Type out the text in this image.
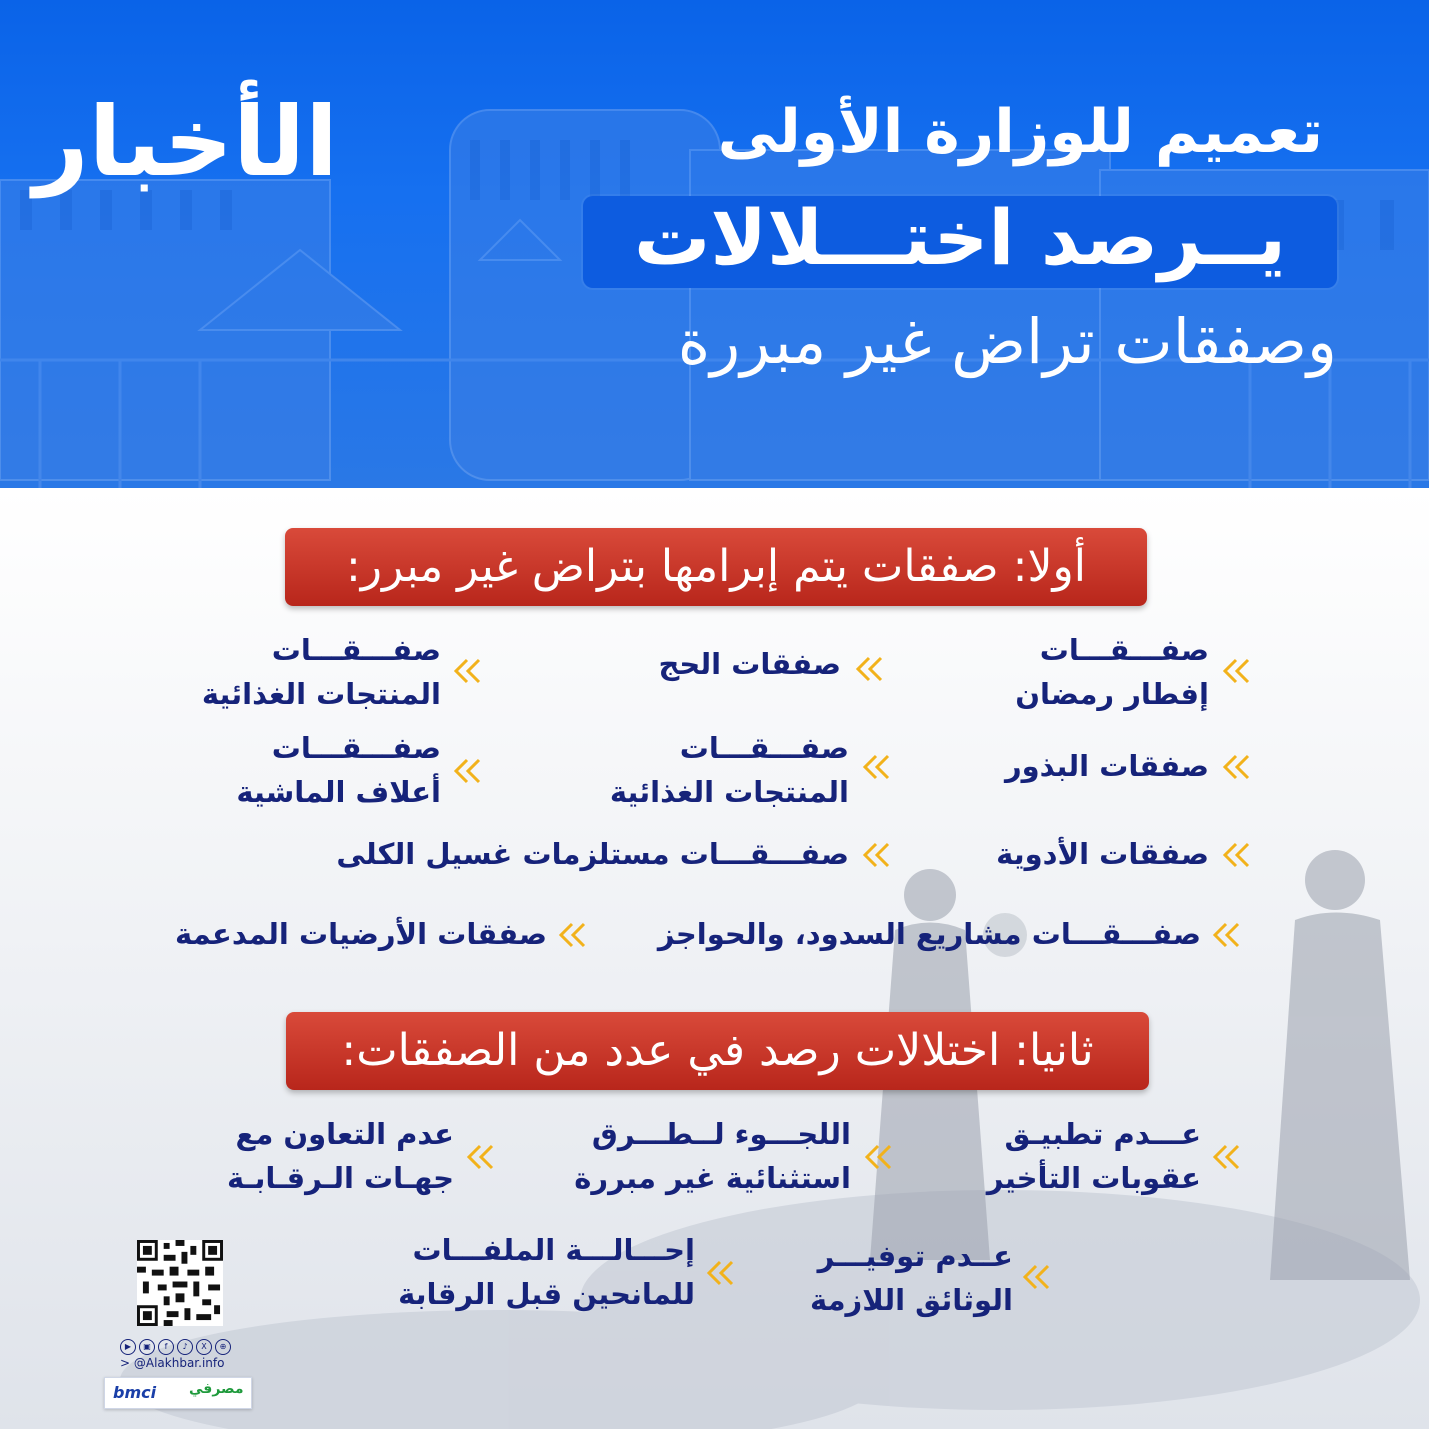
الأخبار	تعميم للوزارة الأولى
يــرصد اختـــلالات
وصفقات تراض غير مبررة
أولا: صفقات يتم إبرامها بتراض غير مبرر:
صفـــقـــات
إفطار رمضان
صفقات الحج
صفـــقـــات
المنتجات الغذائية
صفقات البذور
صفـــقـــات
المنتجات الغذائية
صفـــقـــات
أعلاف الماشية
صفقات الأدوية
صفـــقـــات مستلزمات غسيل الكلى
صفـــقـــات مشاريع السدود، والحواجز
صفقات الأرضيات المدعمة
ثانيا: اختلالات رصد في عدد من الصفقات:
عـــدم تطبيـق
عقوبات التأخير
اللجـــوء لــطـــرق
استثنائية غير مبررة
عدم التعاون مع
جهـات الـرقـابـة
عــدم توفيـــر
الوثائق اللازمة
إحـــالـــة الملفـــات
للمانحين قبل الرقابة
▶ ▣ f ♪ X ⊕
> @Alakhbar.info
bmci مصرفي
